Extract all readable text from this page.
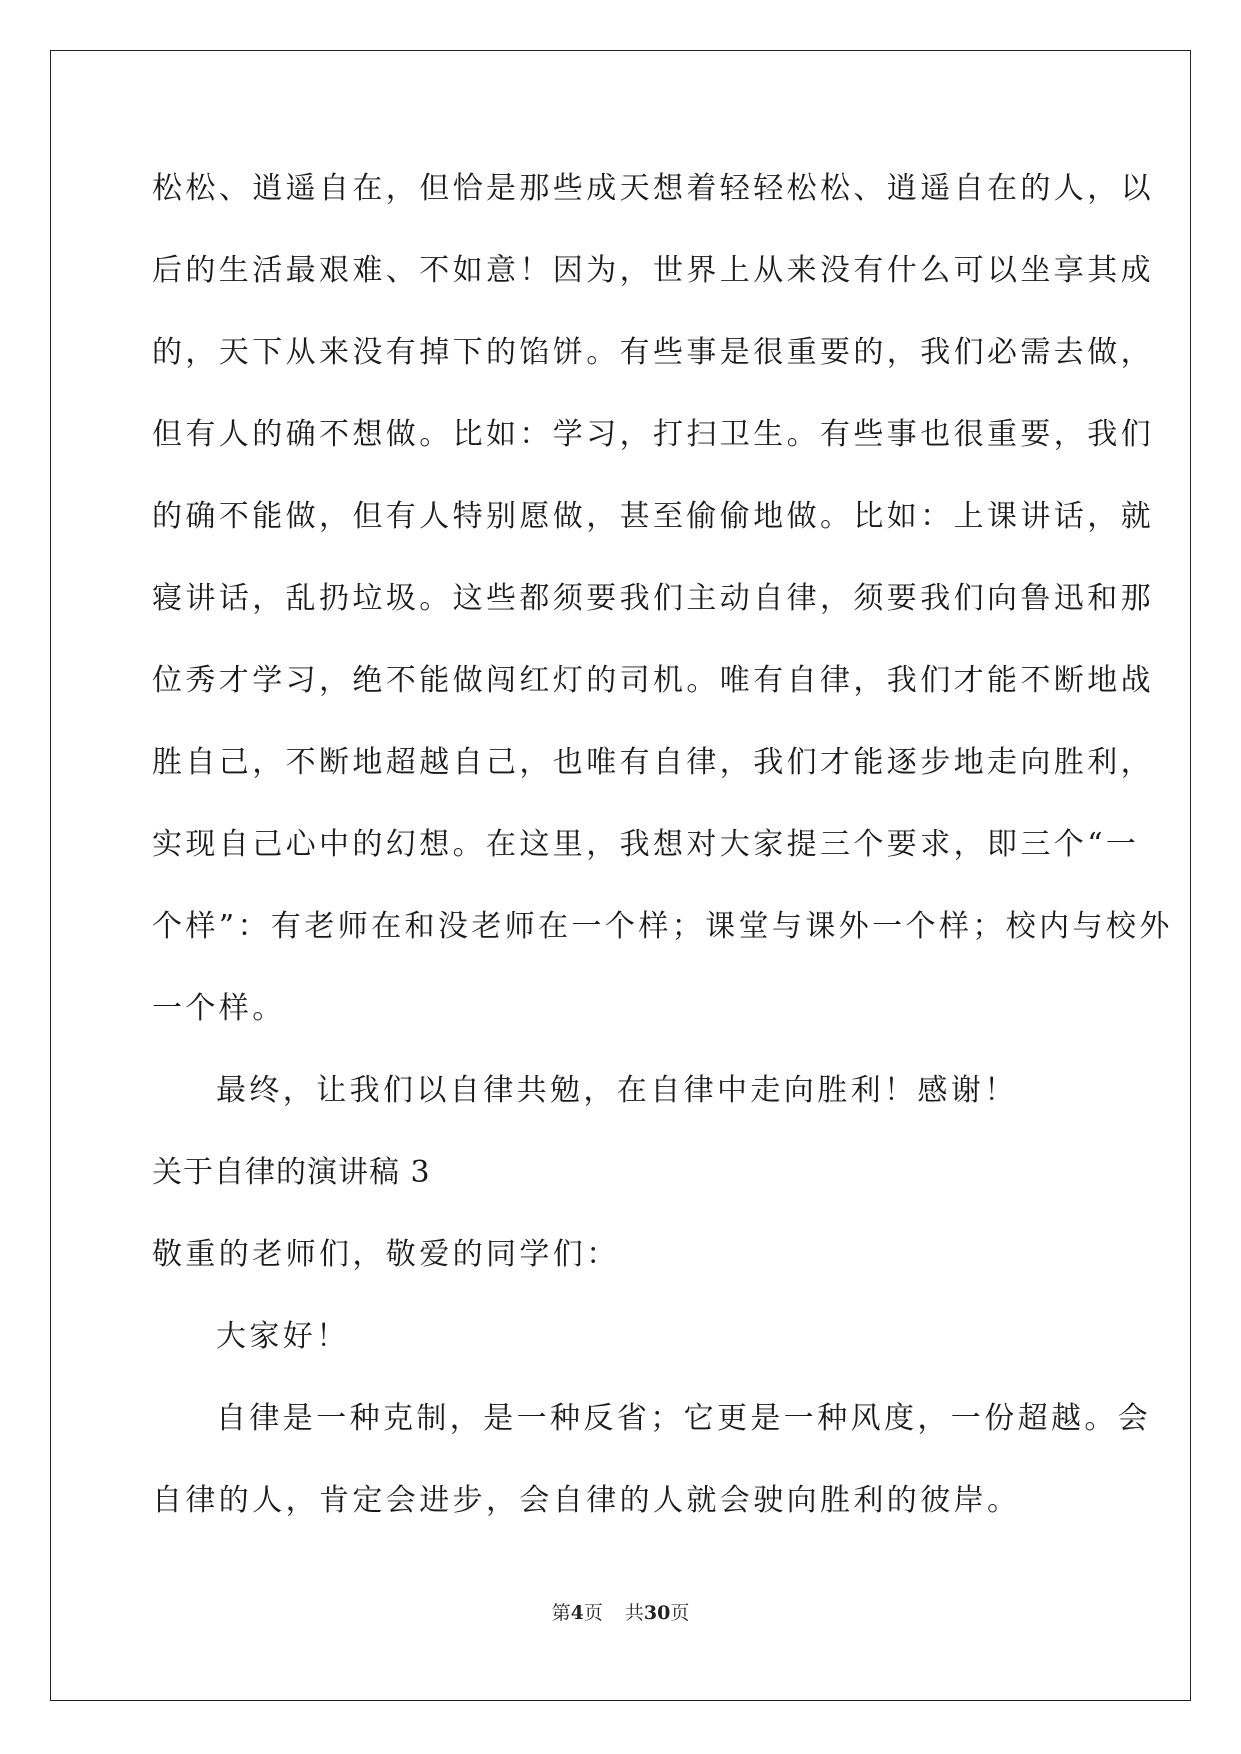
松松、逍遥自在，但恰是那些成天想着轻轻松松、逍遥自在的人，以
后的生活最艰难、不如意！因为，世界上从来没有什么可以坐享其成
的，天下从来没有掉下的馅饼。有些事是很重要的，我们必需去做，
但有人的确不想做。比如：学习，打扫卫生。有些事也很重要，我们
的确不能做，但有人特别愿做，甚至偷偷地做。比如：上课讲话，就
寝讲话，乱扔垃圾。这些都须要我们主动自律，须要我们向鲁迅和那
位秀才学习，绝不能做闯红灯的司机。唯有自律，我们才能不断地战
胜自己，不断地超越自己，也唯有自律，我们才能逐步地走向胜利，
实现自己心中的幻想。在这里，我想对大家提三个要求，即三个“一
个样”：有老师在和没老师在一个样；课堂与课外一个样；校内与校外
一个样。
最终，让我们以自律共勉，在自律中走向胜利！感谢！
关于自律的演讲稿 3
敬重的老师们，敬爱的同学们：
大家好！
自律是一种克制，是一种反省；它更是一种风度，一份超越。会
自律的人，肯定会进步，会自律的人就会驶向胜利的彼岸。
第4页 共30页
